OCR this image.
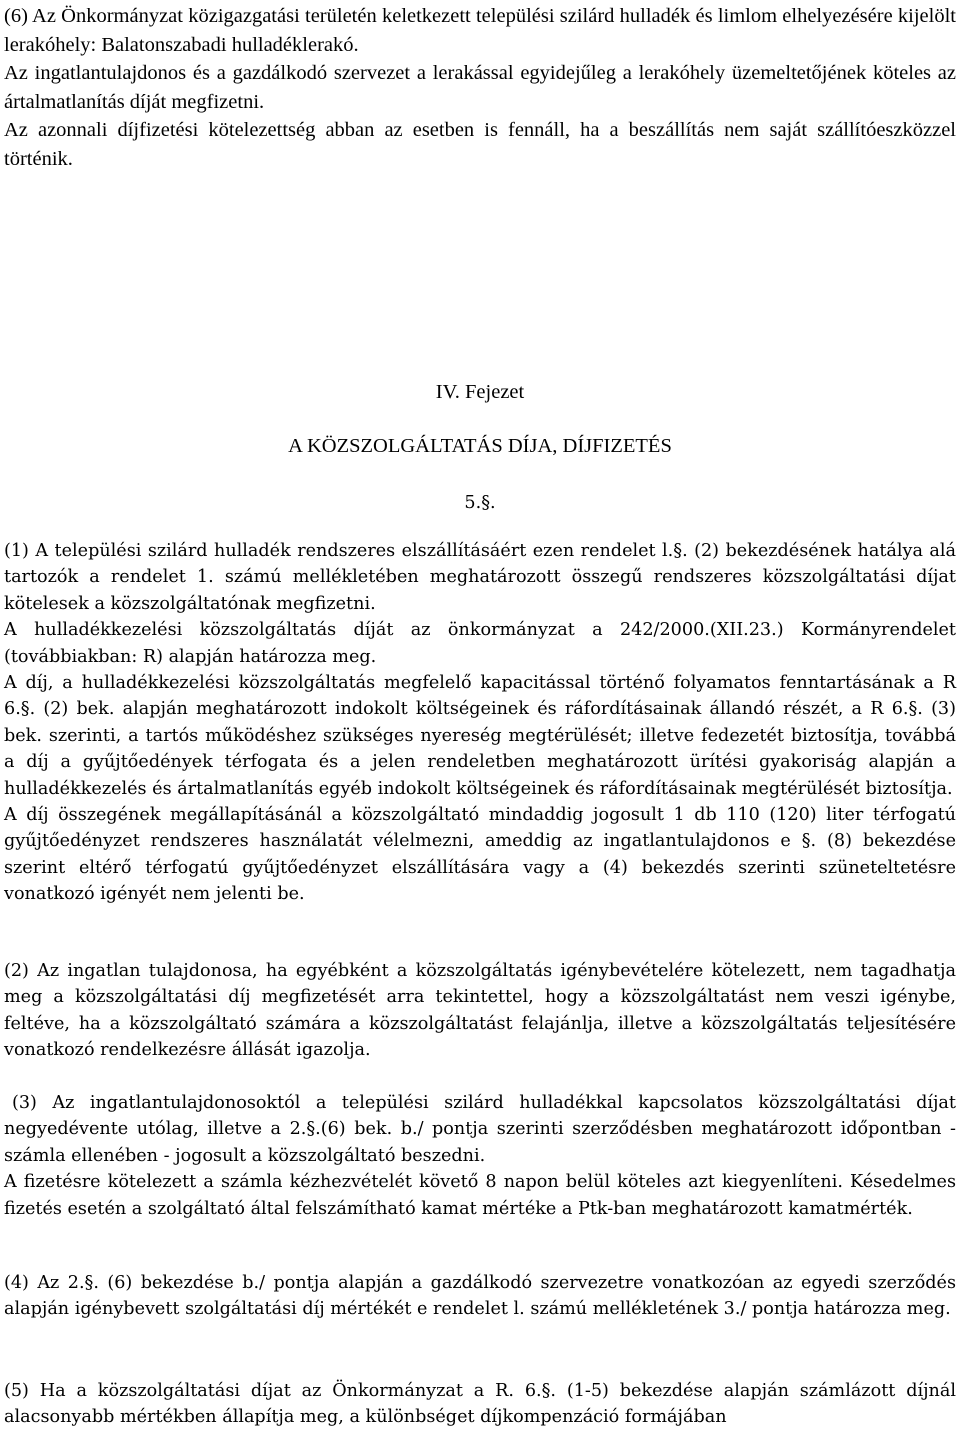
(6) Az Önkormányzat közigazgatási területén keletkezett települési szilárd hulladék és limlom elhelyezésére kijelölt lerakóhely: Balatonszabadi hulladéklerakó.

Az ingatlantulajdonos és a gazdálkodó szervezet a lerakással egyidejűleg a lerakóhely üzemeltetőjének köteles az ártalmatlanítás díját megfizetni.

Az azonnali díjfizetési kötelezettség abban az esetben is fennáll, ha a beszállítás nem saját szállítóeszközzel történik.

IV. Fejezet
A KÖZSZOLGÁLTATÁS DÍJA, DÍJFIZETÉS
5.§.

(1) A települési szilárd hulladék rendszeres elszállításáért ezen rendelet l.§. (2) bekezdésének hatálya alá tartozók a rendelet 1. számú mellékletében meghatározott összegű rendszeres közszolgáltatási díjat kötelesek a közszolgáltatónak megfizetni.

A hulladékkezelési közszolgáltatás díját az önkormányzat a 242/2000.(XII.23.) Kormányrendelet (továbbiakban: R) alapján határozza meg.

A díj, a hulladékkezelési közszolgáltatás megfelelő kapacitással történő folyamatos fenntartásának a R 6.§. (2) bek. alapján meghatározott indokolt költségeinek és ráfordításainak állandó részét, a R 6.§. (3) bek. szerinti, a tartós működéshez szükséges nyereség megtérülését; illetve fedezetét biztosítja, továbbá a díj a gyűjtőedények térfogata és a jelen rendeletben meghatározott ürítési gyakoriság alapján a hulladékkezelés és ártalmatlanítás egyéb indokolt költségeinek és ráfordításainak megtérülését biztosítja.

A díj összegének megállapításánál a közszolgáltató mindaddig jogosult 1 db 110 (120) liter térfogatú gyűjtőedényzet rendszeres használatát vélelmezni, ameddig az ingatlantulajdonos e §. (8) bekezdése szerint eltérő térfogatú gyűjtőedényzet elszállítására vagy a (4) bekezdés szerinti szüneteltetésre vonatkozó igényét nem jelenti be.

(2) Az ingatlan tulajdonosa, ha egyébként a közszolgáltatás igénybevételére kötelezett, nem tagadhatja meg a közszolgáltatási díj megfizetését arra tekintettel, hogy a közszolgáltatást nem veszi igénybe, feltéve, ha a közszolgáltató számára a közszolgáltatást felajánlja, illetve a közszolgáltatás teljesítésére vonatkozó rendelkezésre állását igazolja.

(3) Az ingatlantulajdonosoktól a települési szilárd hulladékkal kapcsolatos közszolgáltatási díjat negyedévente utólag, illetve a 2.§.(6) bek. b./ pontja szerinti szerződésben meghatározott időpontban - számla ellenében - jogosult a közszolgáltató beszedni.

A fizetésre kötelezett a számla kézhezvételét követő 8 napon belül köteles azt kiegyenlíteni. Késedelmes fizetés esetén a szolgáltató által felszámítható kamat mértéke a Ptk-ban meghatározott kamatmérték.

(4) Az 2.§. (6) bekezdése b./ pontja alapján a gazdálkodó szervezetre vonatkozóan az egyedi szerződés alapján igénybevett szolgáltatási díj mértékét e rendelet l. számú mellékletének 3./ pontja határozza meg.

(5) Ha a közszolgáltatási díjat az Önkormányzat a R. 6.§. (1-5) bekezdése alapján számlázott díjnál alacsonyabb mértékben állapítja meg, a különbséget díjkompenzáció formájában
